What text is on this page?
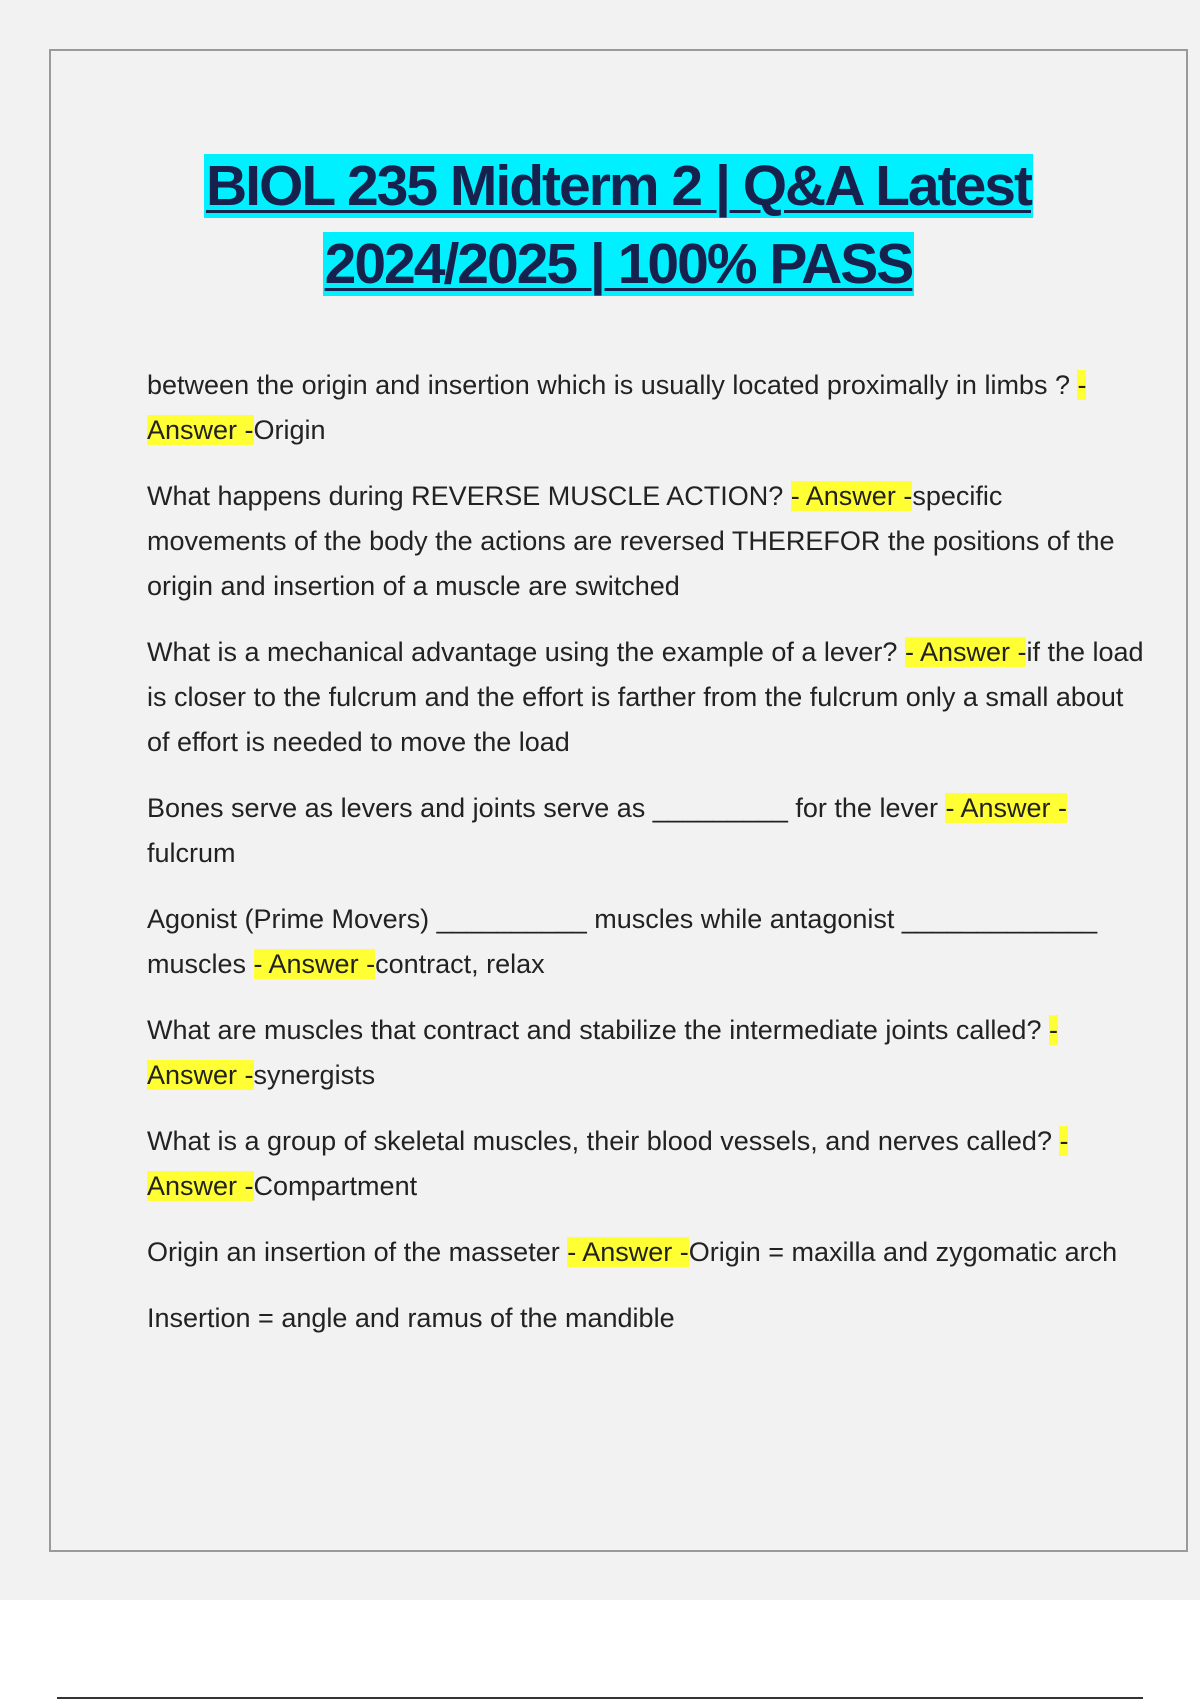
BIOL 235 Midterm 2 | Q&A Latest
2024/2025 | 100% PASS

between the origin and insertion which is usually located proximally in limbs ? - Answer -Origin

What happens during REVERSE MUSCLE ACTION? - Answer -specific movements of the body the actions are reversed THEREFOR the positions of the origin and insertion of a muscle are switched

What is a mechanical advantage using the example of a lever? - Answer -if the load is closer to the fulcrum and the effort is farther from the fulcrum only a small about of effort is needed to move the load

Bones serve as levers and joints serve as _________ for the lever - Answer -fulcrum

Agonist (Prime Movers) __________ muscles while antagonist _____________ muscles - Answer -contract, relax

What are muscles that contract and stabilize the intermediate joints called? - Answer -synergists

What is a group of skeletal muscles, their blood vessels, and nerves called? - Answer -Compartment

Origin an insertion of the masseter - Answer -Origin = maxilla and zygomatic arch

Insertion = angle and ramus of the mandible
